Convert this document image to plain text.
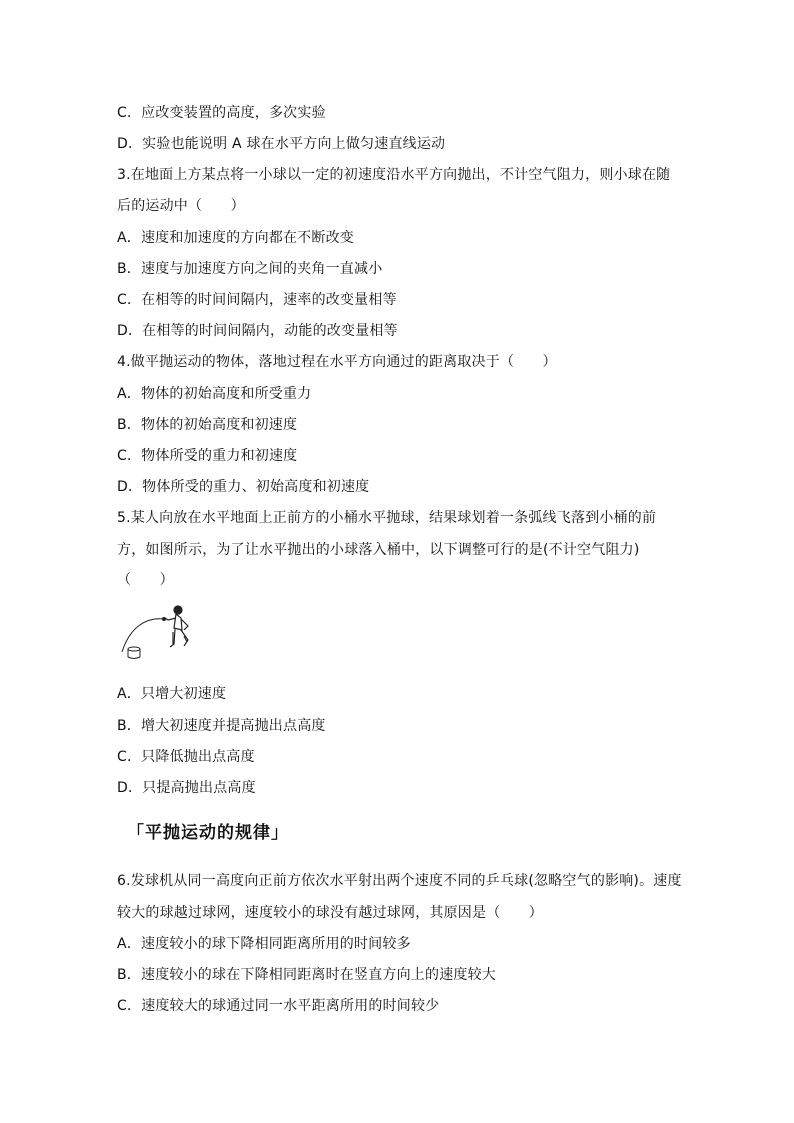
C．应改变装置的高度，多次实验
D．实验也能说明 A 球在水平方向上做匀速直线运动
3.在地面上方某点将一小球以一定的初速度沿水平方向抛出，不计空气阻力，则小球在随
后的运动中（　　）
A．速度和加速度的方向都在不断改变
B．速度与加速度方向之间的夹角一直减小
C．在相等的时间间隔内，速率的改变量相等
D．在相等的时间间隔内，动能的改变量相等
4.做平抛运动的物体，落地过程在水平方向通过的距离取决于（　　）
A．物体的初始高度和所受重力
B．物体的初始高度和初速度
C．物体所受的重力和初速度
D．物体所受的重力、初始高度和初速度
5.某人向放在水平地面上正前方的小桶水平抛球，结果球划着一条弧线飞落到小桶的前
方，如图所示，为了让水平抛出的小球落入桶中，以下调整可行的是(不计空气阻力)
（　　）
A．只增大初速度
B．增大初速度并提高抛出点高度
C．只降低抛出点高度
D．只提高抛出点高度
「平抛运动的规律」
6.发球机从同一高度向正前方依次水平射出两个速度不同的乒乓球(忽略空气的影响)。速度
较大的球越过球网，速度较小的球没有越过球网，其原因是（　　）
A．速度较小的球下降相同距离所用的时间较多
B．速度较小的球在下降相同距离时在竖直方向上的速度较大
C．速度较大的球通过同一水平距离所用的时间较少
